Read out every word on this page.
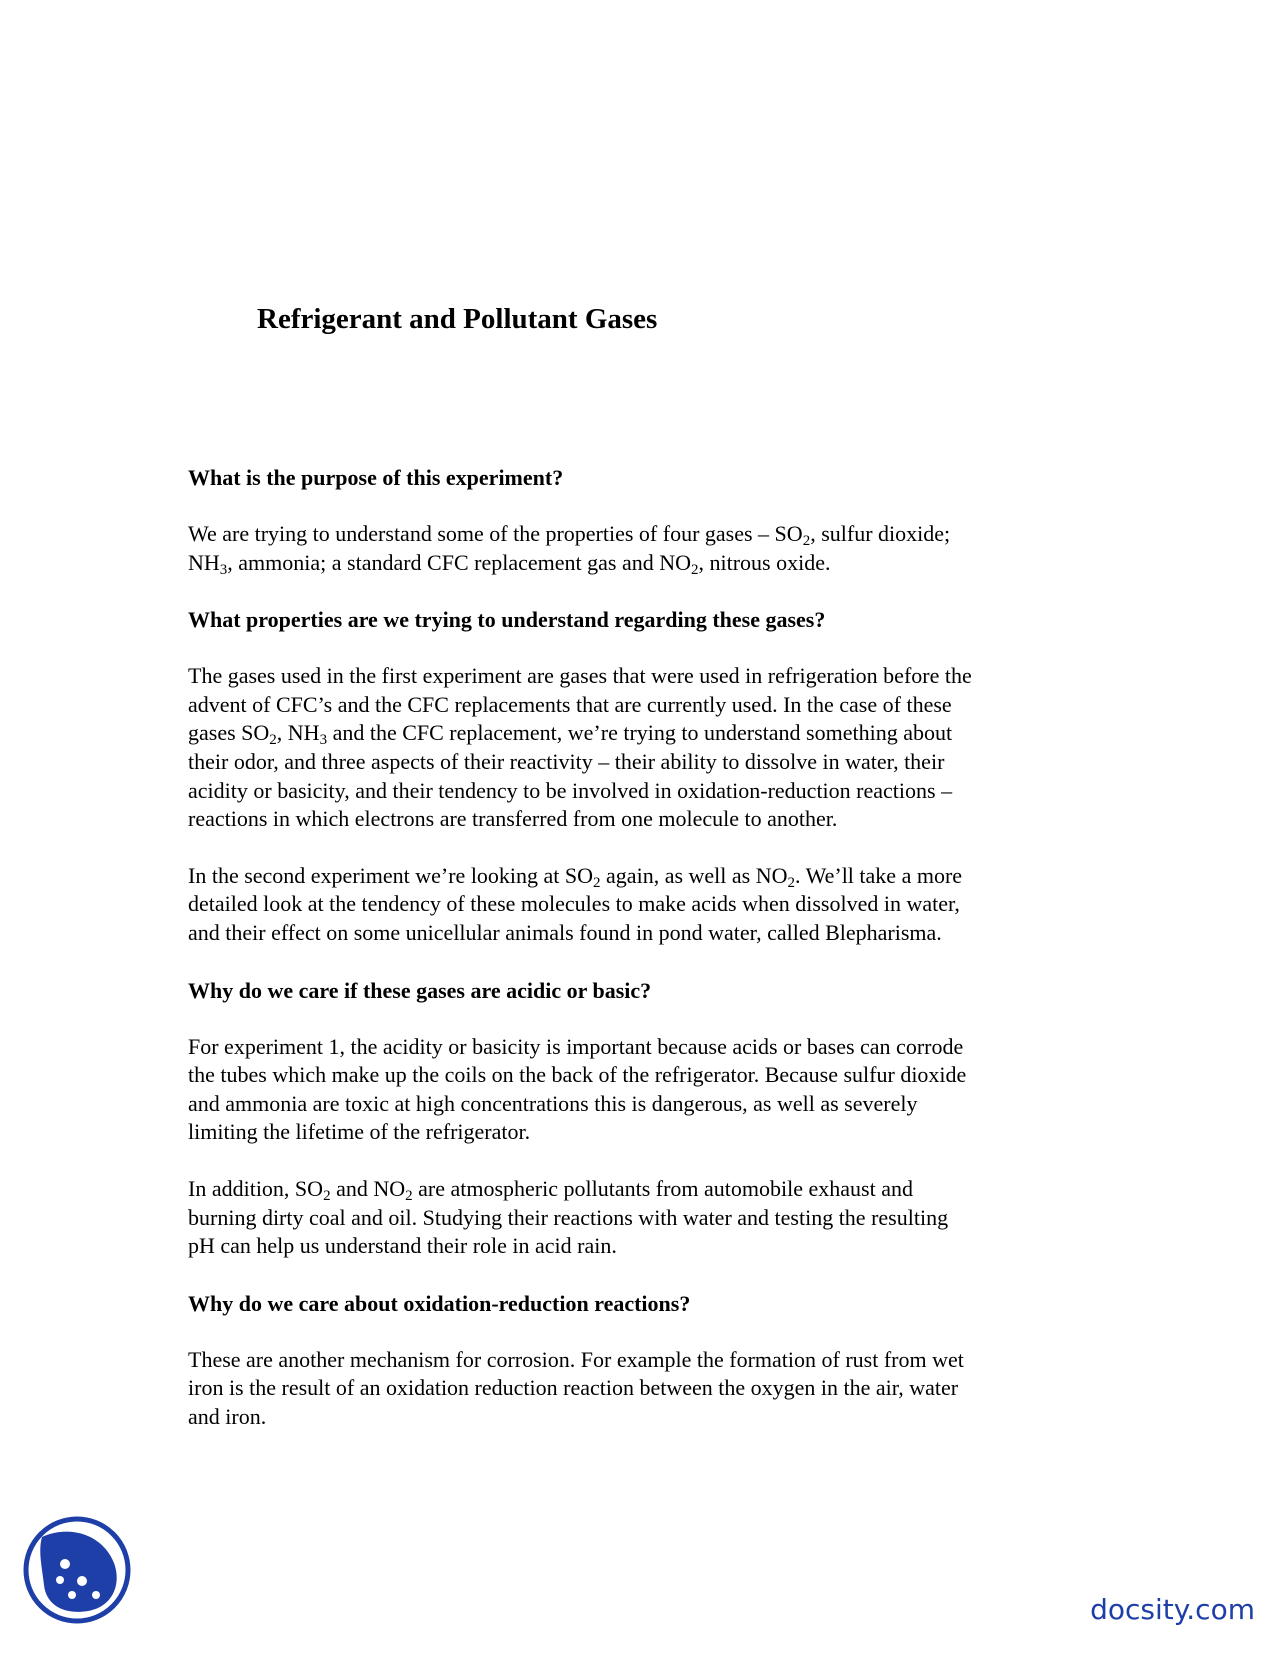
Refrigerant and Pollutant Gases

What is the purpose of this experiment?

We are trying to understand some of the properties of four gases – $SO_2$, sulfur dioxide;
$NH_3$, ammonia; a standard CFC replacement gas and $NO_2$, nitrous oxide.

What properties are we trying to understand regarding these gases?

The gases used in the first experiment are gases that were used in refrigeration before the
advent of CFC’s and the CFC replacements that are currently used. In the case of these
gases $SO_2$, $NH_3$ and the CFC replacement, we’re trying to understand something about
their odor, and three aspects of their reactivity – their ability to dissolve in water, their
acidity or basicity, and their tendency to be involved in oxidation-reduction reactions –
reactions in which electrons are transferred from one molecule to another.

In the second experiment we’re looking at $SO_2$ again, as well as $NO_2$. We’ll take a more
detailed look at the tendency of these molecules to make acids when dissolved in water,
and their effect on some unicellular animals found in pond water, called Blepharisma.

Why do we care if these gases are acidic or basic?

For experiment 1, the acidity or basicity is important because acids or bases can corrode
the tubes which make up the coils on the back of the refrigerator. Because sulfur dioxide
and ammonia are toxic at high concentrations this is dangerous, as well as severely
limiting the lifetime of the refrigerator.

In addition, $SO_2$ and $NO_2$ are atmospheric pollutants from automobile exhaust and
burning dirty coal and oil. Studying their reactions with water and testing the resulting
pH can help us understand their role in acid rain.

Why do we care about oxidation-reduction reactions?

These are another mechanism for corrosion. For example the formation of rust from wet
iron is the result of an oxidation reduction reaction between the oxygen in the air, water
and iron.

docsity.com
